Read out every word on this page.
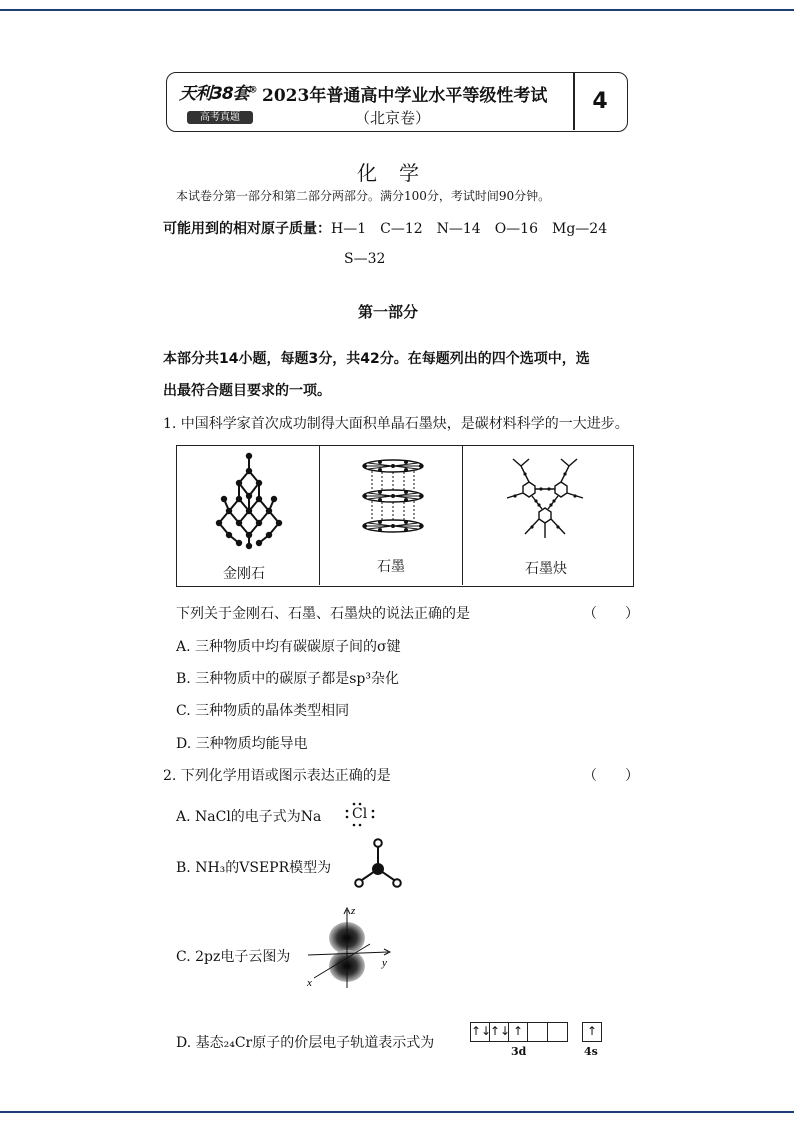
天利38套®
高考真题
2023年普通高中学业水平等级性考试
（北京卷）
4
化学
本试卷分第一部分和第二部分两部分。满分100分，考试时间90分钟。
可能用到的相对原子质量：H—1　C—12　N—14　O—16　Mg—24
S—32
第一部分
本部分共14小题，每题3分，共42分。在每题列出的四个选项中，选
出最符合题目要求的一项。
1. 中国科学家首次成功制得大面积单晶石墨炔，是碳材料科学的一大进步。
金刚石	石墨	石墨炔
下列关于金刚石、石墨、石墨炔的说法正确的是	（　　）
A. 三种物质中均有碳碳原子间的σ键
B. 三种物质中的碳原子都是sp³杂化
C. 三种物质的晶体类型相同
D. 三种物质均能导电
2. 下列化学用语或图示表达正确的是	（　　）
A. NaCl的电子式为Na Cl
B. NH₃的VSEPR模型为
C. 2pz电子云图为
z
y
x
D. 基态₂₄Cr原子的价层电子轨道表示式为
↑↓
↑↓ ↑	↑
3d	4s
